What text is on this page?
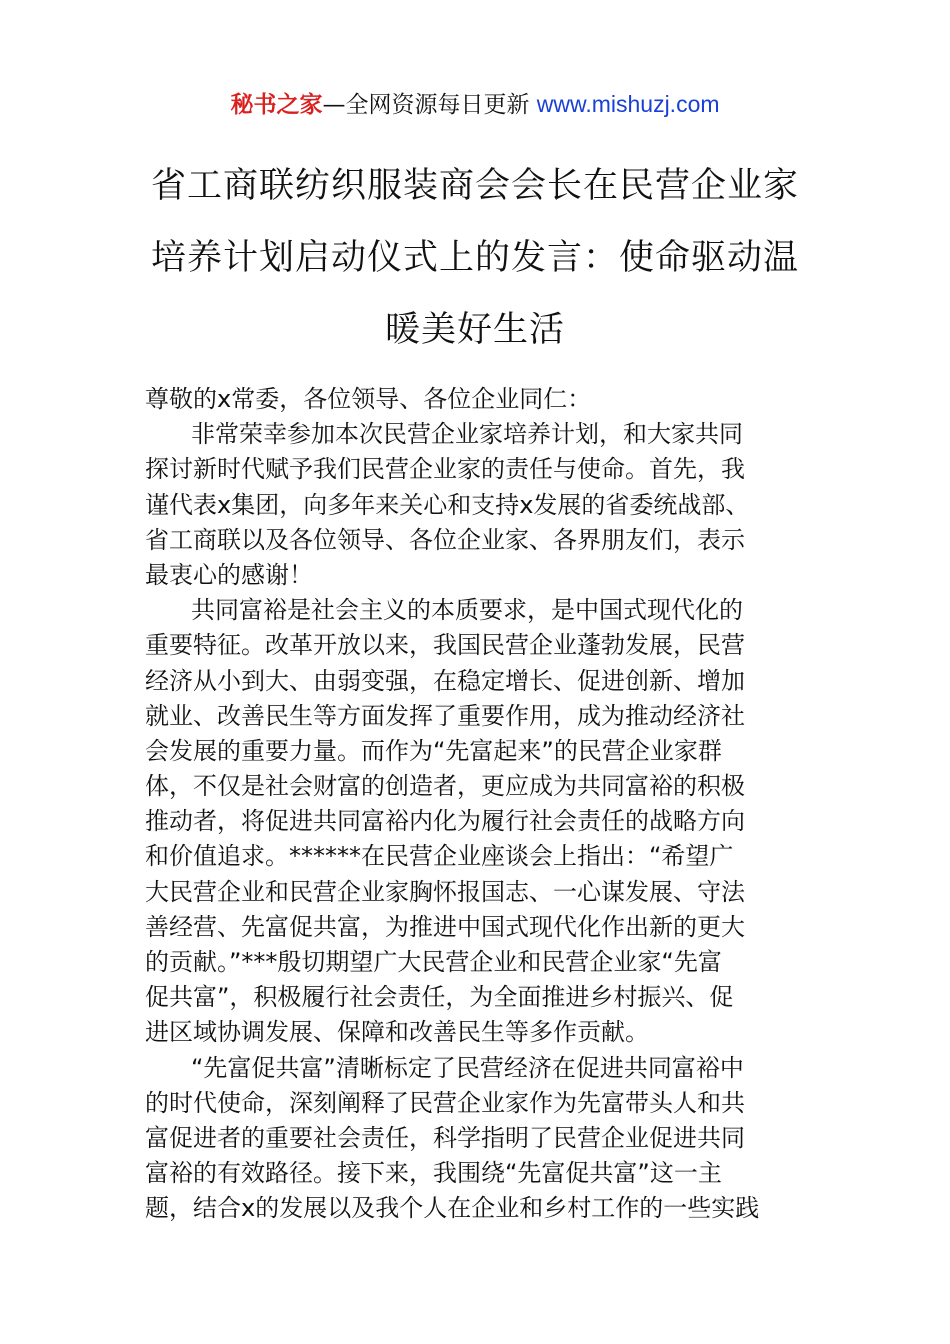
秘书之家—全网资源每日更新 www.mishuzj.com
省工商联纺织服装商会会长在民营企业家
培养计划启动仪式上的发言：使命驱动温
暖美好生活
尊敬的x常委，各位领导、各位企业同仁：
非常荣幸参加本次民营企业家培养计划，和大家共同
探讨新时代赋予我们民营企业家的责任与使命。首先，我
谨代表x集团，向多年来关心和支持x发展的省委统战部、
省工商联以及各位领导、各位企业家、各界朋友们，表示
最衷心的感谢！
共同富裕是社会主义的本质要求，是中国式现代化的
重要特征。改革开放以来，我国民营企业蓬勃发展，民营
经济从小到大、由弱变强，在稳定增长、促进创新、增加
就业、改善民生等方面发挥了重要作用，成为推动经济社
会发展的重要力量。而作为“先富起来”的民营企业家群
体，不仅是社会财富的创造者，更应成为共同富裕的积极
推动者，将促进共同富裕内化为履行社会责任的战略方向
和价值追求。******在民营企业座谈会上指出：“希望广
大民营企业和民营企业家胸怀报国志、一心谋发展、守法
善经营、先富促共富，为推进中国式现代化作出新的更大
的贡献。”***殷切期望广大民营企业和民营企业家“先富
促共富”，积极履行社会责任，为全面推进乡村振兴、促
进区域协调发展、保障和改善民生等多作贡献。
“先富促共富”清晰标定了民营经济在促进共同富裕中
的时代使命，深刻阐释了民营企业家作为先富带头人和共
富促进者的重要社会责任，科学指明了民营企业促进共同
富裕的有效路径。接下来，我围绕“先富促共富”这一主
题，结合x的发展以及我个人在企业和乡村工作的一些实践
